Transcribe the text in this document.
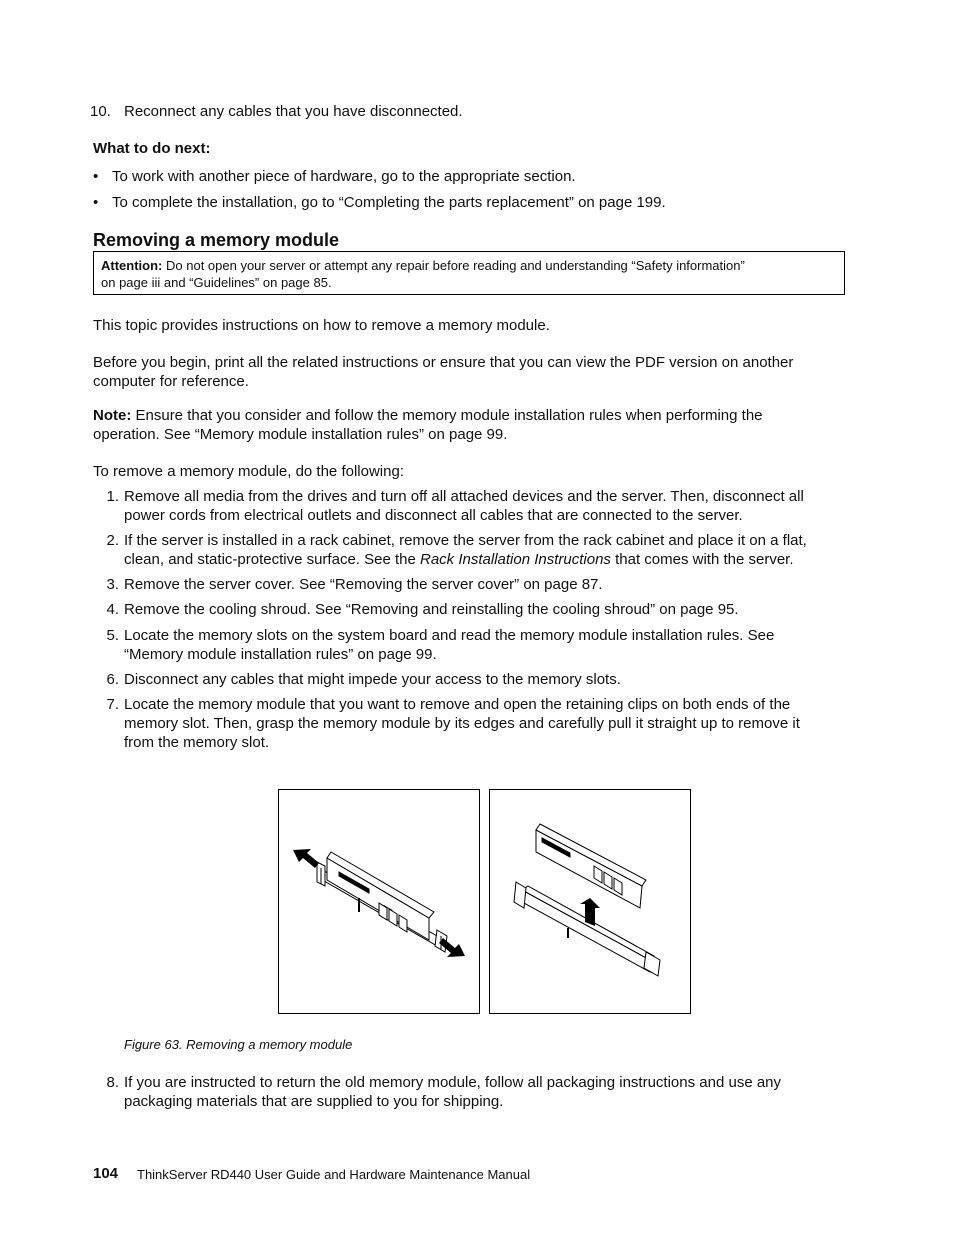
10. Reconnect any cables that you have disconnected.
What to do next:
• To work with another piece of hardware, go to the appropriate section.
• To complete the installation, go to “Completing the parts replacement” on page 199.
Removing a memory module
Attention: Do not open your server or attempt any repair before reading and understanding “Safety information”
on page iii and “Guidelines” on page 85.
This topic provides instructions on how to remove a memory module.
Before you begin, print all the related instructions or ensure that you can view the PDF version on another
computer for reference.
Note: Ensure that you consider and follow the memory module installation rules when performing the
operation. See “Memory module installation rules” on page 99.
To remove a memory module, do the following:
1. Remove all media from the drives and turn off all attached devices and the server. Then, disconnect all
power cords from electrical outlets and disconnect all cables that are connected to the server.
2. If the server is installed in a rack cabinet, remove the server from the rack cabinet and place it on a flat,
clean, and static-protective surface. See the Rack Installation Instructions that comes with the server.
3. Remove the server cover. See “Removing the server cover” on page 87.
4. Remove the cooling shroud. See “Removing and reinstalling the cooling shroud” on page 95.
5. Locate the memory slots on the system board and read the memory module installation rules. See
“Memory module installation rules” on page 99.
6. Disconnect any cables that might impede your access to the memory slots.
7. Locate the memory module that you want to remove and open the retaining clips on both ends of the
memory slot. Then, grasp the memory module by its edges and carefully pull it straight up to remove it
from the memory slot.
Figure 63. Removing a memory module
8. If you are instructed to return the old memory module, follow all packaging instructions and use any
packaging materials that are supplied to you for shipping.
104 ThinkServer RD440 User Guide and Hardware Maintenance Manual
